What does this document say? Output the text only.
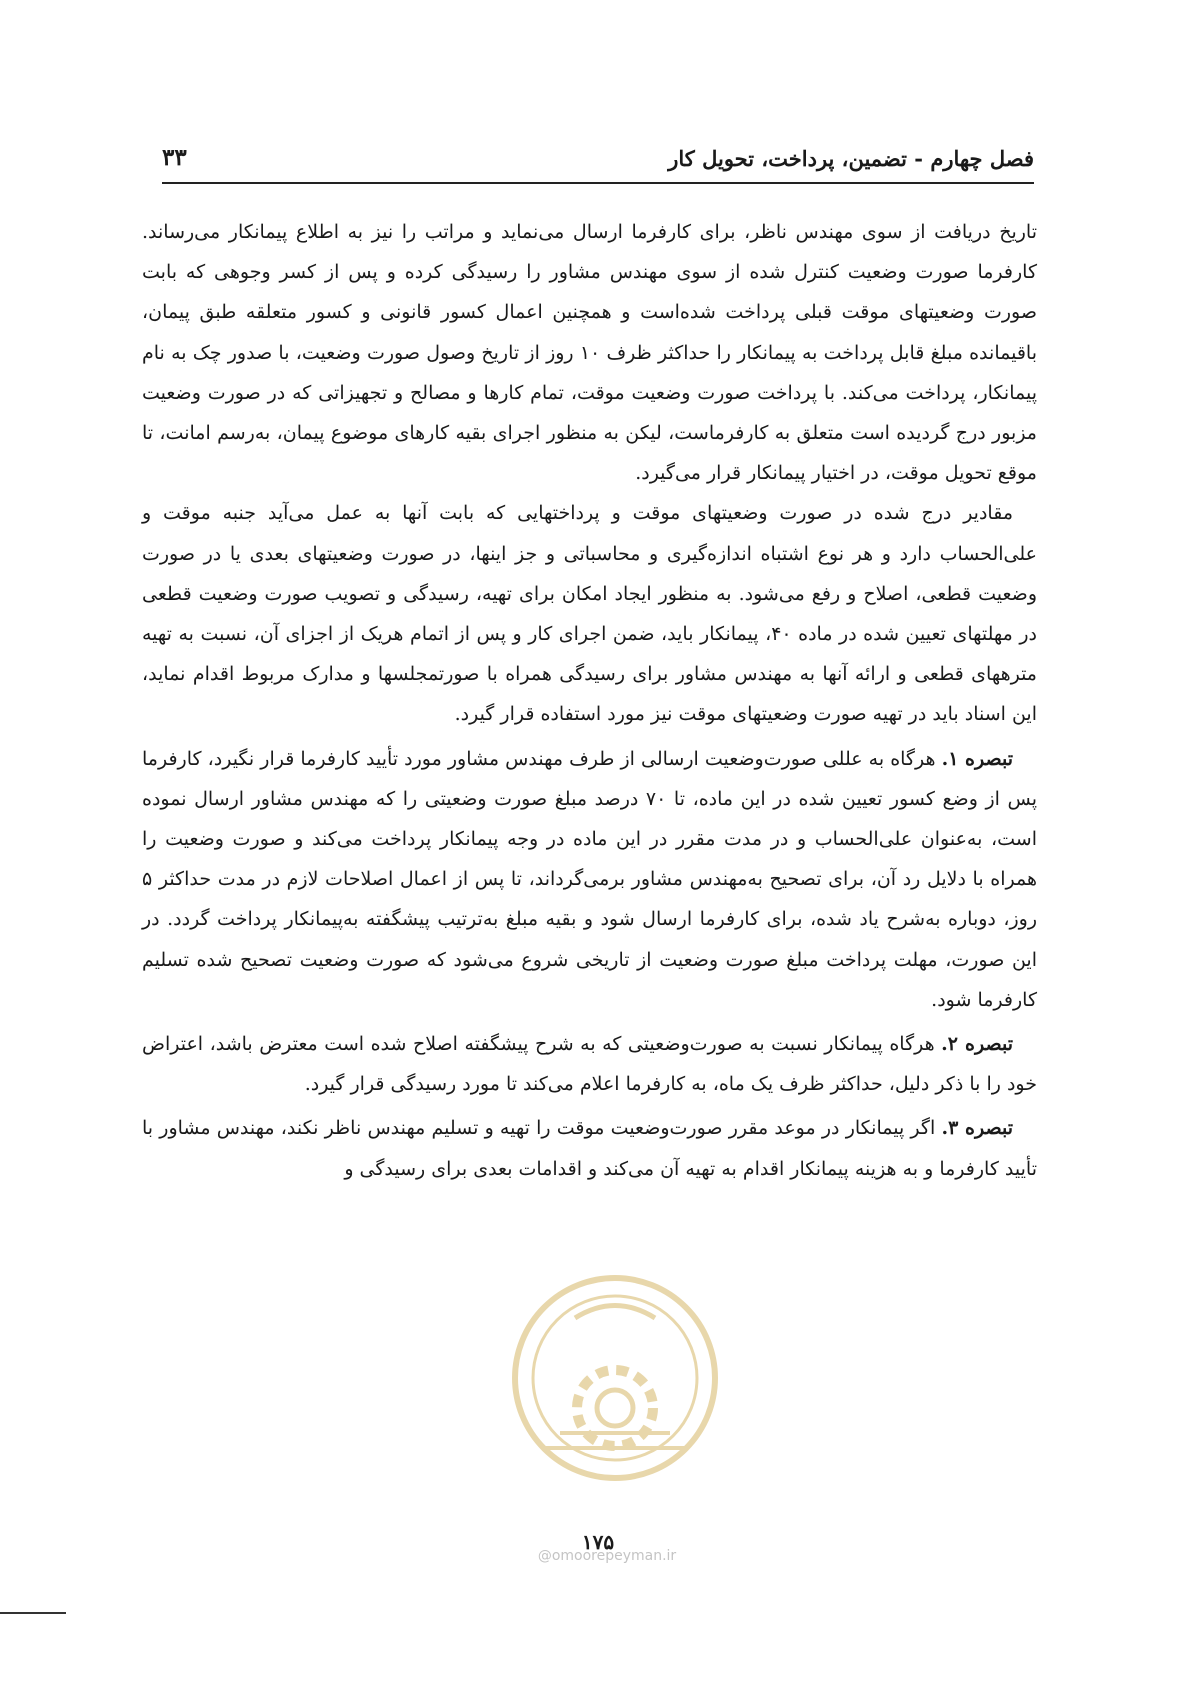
فصل چهارم - تضمین، پرداخت، تحویل کار
۳۳

تاریخ دریافت از سوی مهندس ناظر، برای کارفرما ارسال می‌نماید و مراتب را نیز به اطلاع پیمانکار می‌رساند. کارفرما صورت وضعیت کنترل شده از سوی مهندس مشاور را رسیدگی کرده و پس از کسر وجوهی که بابت صورت وضعیتهای موقت قبلی پرداخت شده‌است و همچنین اعمال کسور قانونی و کسور متعلقه طبق پیمان، باقیمانده مبلغ قابل پرداخت به پیمانکار را حداکثر ظرف ۱۰ روز از تاریخ وصول صورت وضعیت، با صدور چک به نام پیمانکار، پرداخت می‌کند. با پرداخت صورت وضعیت موقت، تمام کارها و مصالح و تجهیزاتی که در صورت وضعیت مزبور درج گردیده است متعلق به کارفرماست، لیکن به منظور اجرای بقیه کارهای موضوع پیمان، به‌رسم امانت، تا موقع تحویل موقت، در اختیار پیمانکار قرار می‌گیرد.

مقادیر درج شده در صورت وضعیتهای موقت و پرداختهایی که بابت آنها به عمل می‌آید جنبه موقت و علی‌الحساب دارد و هر نوع اشتباه اندازه‌گیری و محاسباتی و جز اینها، در صورت وضعیتهای بعدی یا در صورت وضعیت قطعی، اصلاح و رفع می‌شود. به منظور ایجاد امکان برای تهیه، رسیدگی و تصویب صورت وضعیت قطعی در مهلتهای تعیین شده در ماده ۴۰، پیمانکار باید، ضمن اجرای کار و پس از اتمام هریک از اجزای آن، نسبت به تهیه مترههای قطعی و ارائه آنها به مهندس مشاور برای رسیدگی همراه با صورتمجلسها و مدارک مربوط اقدام نماید، این اسناد باید در تهیه صورت وضعیتهای موقت نیز مورد استفاده قرار گیرد.

تبصره ۱. هرگاه به عللی صورت‌وضعیت ارسالی از طرف مهندس مشاور مورد تأیید کارفرما قرار نگیرد، کارفرما پس از وضع کسور تعیین شده در این ماده، تا ۷۰ درصد مبلغ صورت وضعیتی را که مهندس مشاور ارسال نموده است، به‌عنوان علی‌الحساب و در مدت مقرر در این ماده در وجه پیمانکار پرداخت می‌کند و صورت وضعیت را همراه با دلایل رد آن، برای تصحیح به‌مهندس مشاور برمی‌گرداند، تا پس از اعمال اصلاحات لازم در مدت حداکثر ۵ روز، دوباره به‌شرح یاد شده، برای کارفرما ارسال شود و بقیه مبلغ به‌ترتیب پیشگفته به‌پیمانکار پرداخت گردد. در این صورت، مهلت پرداخت مبلغ صورت وضعیت از تاریخی شروع می‌شود که صورت وضعیت تصحیح شده تسلیم کارفرما شود.

تبصره ۲. هرگاه پیمانکار نسبت به صورت‌وضعیتی که به شرح پیشگفته اصلاح شده است معترض باشد، اعتراض خود را با ذکر دلیل، حداکثر ظرف یک ماه، به کارفرما اعلام می‌کند تا مورد رسیدگی قرار گیرد.

تبصره ۳. اگر پیمانکار در موعد مقرر صورت‌وضعیت موقت را تهیه و تسلیم مهندس ناظر نکند، مهندس مشاور با تأیید کارفرما و به هزینه پیمانکار اقدام به تهیه آن می‌کند و اقدامات بعدی برای رسیدگی و

@omoorepeyman.ir
۱۷۵
